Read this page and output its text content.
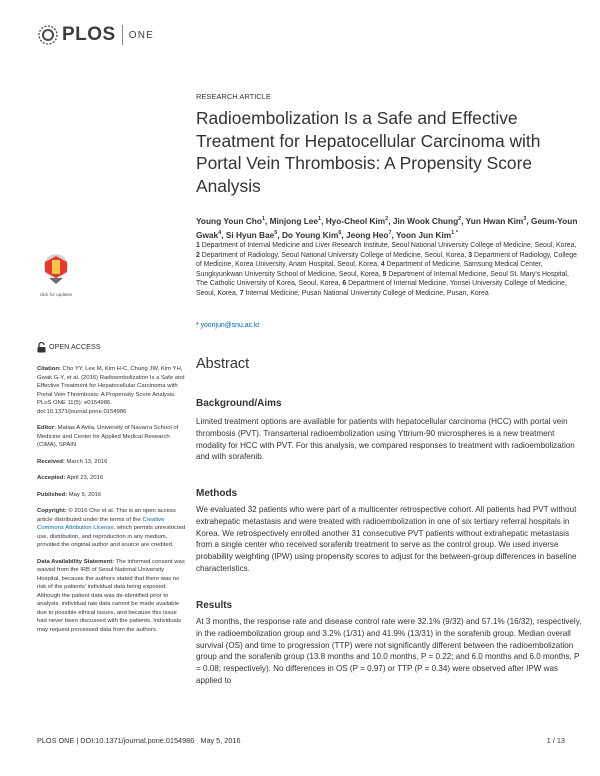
PLOS ONE
click for updates
RESEARCH ARTICLE
Radioembolization Is a Safe and Effective Treatment for Hepatocellular Carcinoma with Portal Vein Thrombosis: A Propensity Score Analysis
Young Youn Cho$^1$, Minjong Lee$^1$, Hyo-Cheol Kim$^2$, Jin Wook Chung$^2$, Yun Hwan Kim$^3$, Geum-Youn Gwak$^4$, Si Hyun Bae$^5$, Do Young Kim$^6$, Jeong Heo$^7$, Yoon Jun Kim$^{1 *}$
1 Department of Internal Medicine and Liver Research Institute, Seoul National University College of Medicine, Seoul, Korea, 2 Department of Radiology, Seoul National University College of Medicine, Seoul, Korea, 3 Department of Radiology, College of Medicine, Korea University, Anam Hospital, Seoul, Korea, 4 Department of Medicine, Samsung Medical Center, Sungkyunkwan University School of Medicine, Seoul, Korea, 5 Department of Internal Medicine, Seoul St. Mary's Hospital, The Catholic University of Korea, Seoul, Korea, 6 Department of Internal Medicine, Yonsei University College of Medicine, Seoul, Korea, 7 Internal Medicine, Pusan National University College of Medicine, Pusan, Korea
* yoonjun@snu.ac.kr
OPEN ACCESS
Citation: Cho YY, Lee M, Kim H-C, Chung JW, Kim YH, Gwak G-Y, et al. (2016) Radioembolization Is a Safe and Effective Treatment for Hepatocellular Carcinoma with Portal Vein Thrombosis: A Propensity Score Analysis. PLoS ONE 11(5): e0154986. doi:10.1371/journal.pone.0154986
Editor: Matias A Avila, University of Navarra School of Medicine and Center for Applied Medical Research (CIMA), SPAIN
Received: March 13, 2016
Accepted: April 23, 2016
Published: May 5, 2016
Copyright: © 2016 Cho et al. This is an open access article distributed under the terms of the Creative Commons Attribution License, which permits unrestricted use, distribution, and reproduction in any medium, provided the original author and source are credited.
Data Availability Statement: The informed consent was waived from the IRB of Seoul National University Hospital, because the authors stated that there was no risk of the patients' individual data being exposed. Although the patient data was de-identified prior to analysis, individual raw data cannot be made available due to possible ethical issues, and because this issue had never been discussed with the patients. Individuals may request processed data from the authors.
Abstract
Background/Aims
Limited treatment options are available for patients with hepatocellular carcinoma (HCC) with portal vein thrombosis (PVT). Transarterial radioembolization using Yttrium-90 microspheres is a new treatment modality for HCC with PVT. For this analysis, we compared responses to treatment with radioembolization and with sorafenib.
Methods
We evaluated 32 patients who were part of a multicenter retrospective cohort. All patients had PVT without extrahepatic metastasis and were treated with radioembolization in one of six tertiary referral hospitals in Korea. We retrospectively enrolled another 31 consecutive PVT patients without extrahepatic metastasis from a single center who received sorafenib treatment to serve as the control group. We used inverse probability weighting (IPW) using propensity scores to adjust for the between-group differences in baseline characteristics.
Results
At 3 months, the response rate and disease control rate were 32.1% (9/32) and 57.1% (16/32), respectively, in the radioembolization group and 3.2% (1/31) and 41.9% (13/31) in the sorafenib group. Median overall survival (OS) and time to progression (TTP) were not significantly different between the radioembolization group and the sorafenib group (13.8 months and 10.0 months, P = 0.22; and 6.0 months and 6.0 months, P = 0.08; respectively). No differences in OS (P = 0.97) or TTP (P = 0.34) were observed after IPW was applied to
PLOS ONE | DOI:10.1371/journal.pone.0154986 May 5, 2016	1 / 13
